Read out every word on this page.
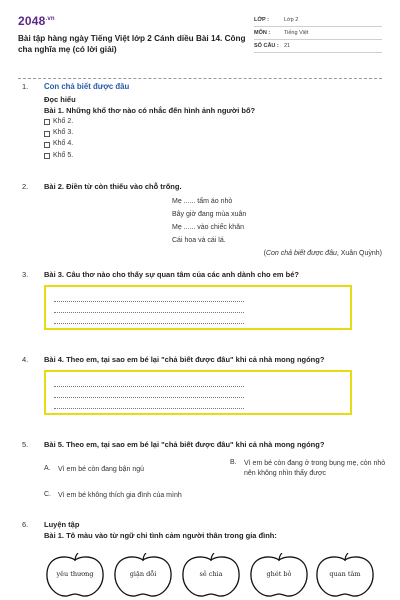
$2048^{.vn}$
Bài tập hàng ngày Tiếng Việt lớp 2 Cánh diều Bài 14. Công cha nghĩa mẹ (có lời giải)
LỚP :	Lớp 2
MÔN :	Tiếng Việt
SỐ CÂU : 21
1.	Con chả biết được đâu
Đọc hiểu
Bài 1. Những khổ thơ nào có nhắc đến hình ảnh người bố?
Khổ 2.
Khổ 3.
Khổ 4.
Khổ 5.
2.	Bài 2. Điền từ còn thiếu vào chỗ trống.
Mẹ ...... tấm áo nhỏ
Bây giờ đang mùa xuân
Mẹ ...... vào chiếc khăn
Cái hoa và cái lá.
(Con chả biết được đâu, Xuân Quỳnh)
3.	Bài 3. Câu thơ nào cho thấy sự quan tâm của các anh dành cho em bé?
4.	Bài 4. Theo em, tại sao em bé lại "chả biết được đâu" khi cả nhà mong ngóng?
5.	Bài 5. Theo em, tại sao em bé lại "chả biết được đâu" khi cả nhà mong ngóng?
A.	Vì em bé còn đang bận ngủ
B.	Vì em bé còn đang ở trong bụng mẹ, còn nhỏ nên không nhìn thấy được
C.	Vì em bé không thích gia đình của mình
6.	Luyện tập
Bài 1. Tô màu vào từ ngữ chỉ tình cảm người thân trong gia đình:
yêu thương	giận dỗi	sẻ chia	ghét bỏ	quan tâm
